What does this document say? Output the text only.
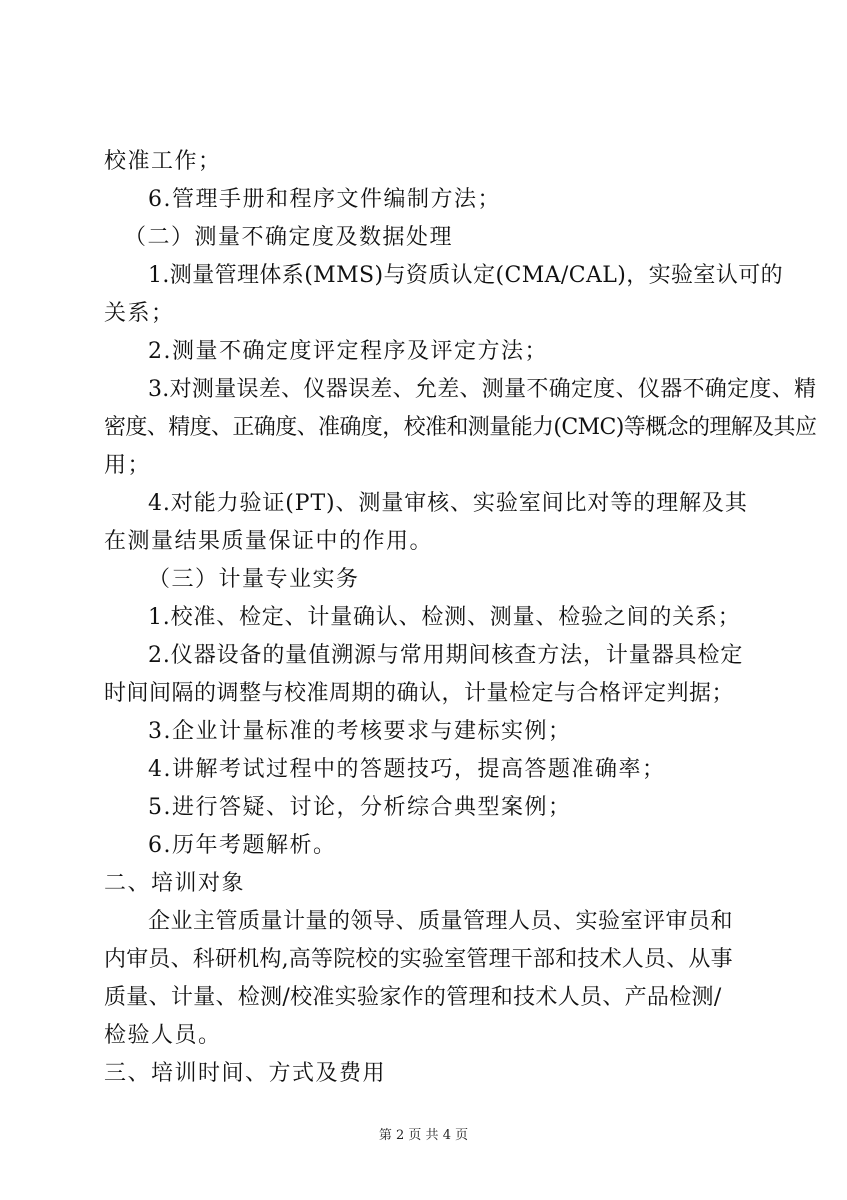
校准工作；
6.管理手册和程序文件编制方法；
（二）测量不确定度及数据处理
1.测量管理体系(MMS)与资质认定(CMA/CAL)，实验室认可的
关系；
2.测量不确定度评定程序及评定方法；
3.对测量误差、仪器误差、允差、测量不确定度、仪器不确定度、精
密度、精度、正确度、准确度，校准和测量能力(CMC)等概念的理解及其应
用；
4.对能力验证(PT)、测量审核、实验室间比对等的理解及其
在测量结果质量保证中的作用。
（三）计量专业实务
1.校准、检定、计量确认、检测、测量、检验之间的关系；
2.仪器设备的量值溯源与常用期间核查方法，计量器具检定
时间间隔的调整与校准周期的确认，计量检定与合格评定判据；
3.企业计量标准的考核要求与建标实例；
4.讲解考试过程中的答题技巧，提高答题准确率；
5.进行答疑、讨论，分析综合典型案例；
6.历年考题解析。
二、培训对象
企业主管质量计量的领导、质量管理人员、实验室评审员和
内审员、科研机构,高等院校的实验室管理干部和技术人员、从事
质量、计量、检测/校准实验家作的管理和技术人员、产品检测/
检验人员。
三、培训时间、方式及费用
第 2 页 共 4 页
